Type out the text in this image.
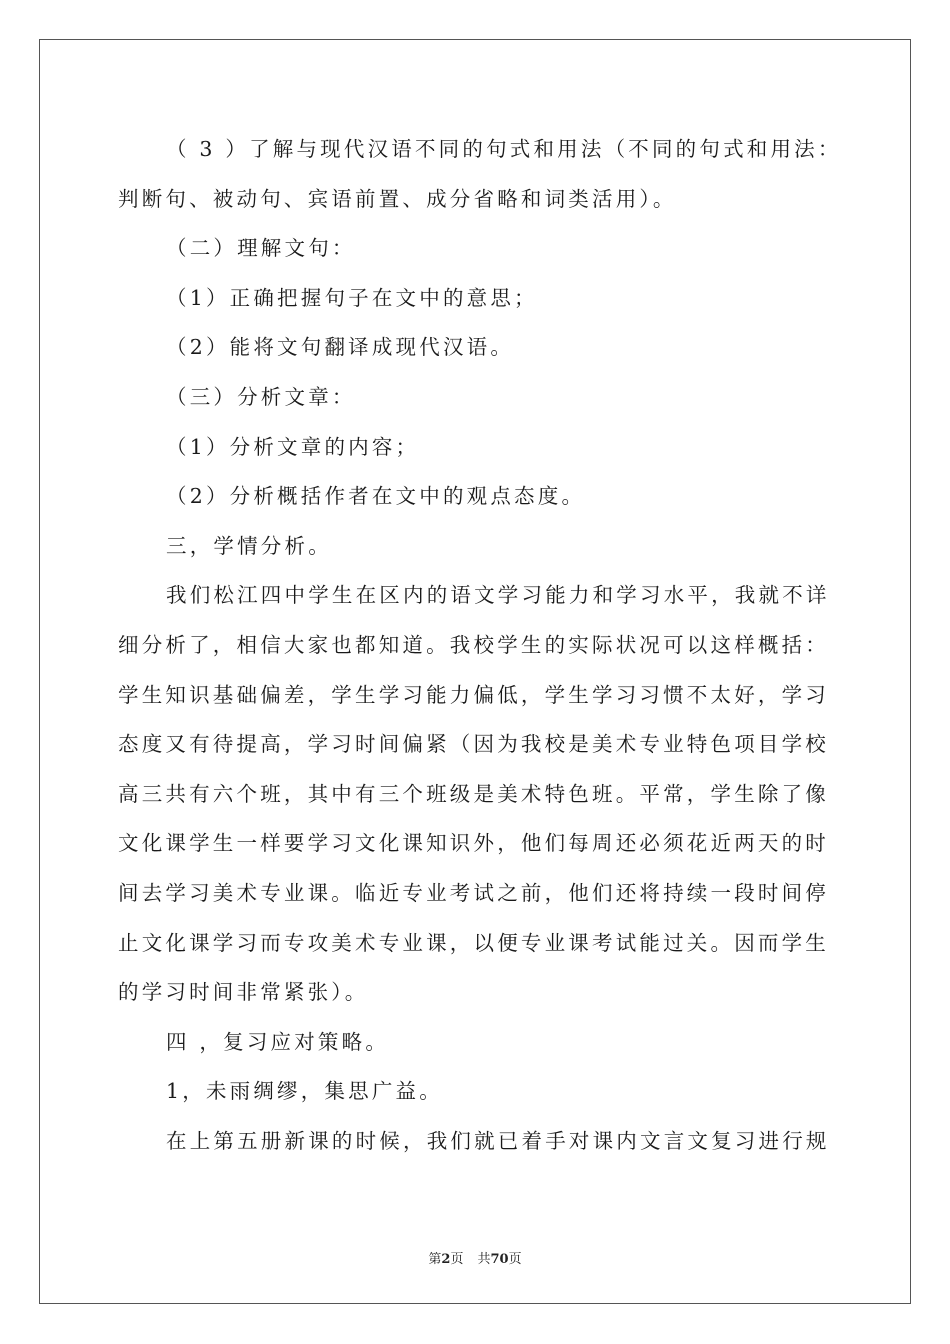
（ 3 ）了解与现代汉语不同的句式和用法（不同的句式和用法：

判断句、被动句、宾语前置、成分省略和词类活用）。

（二）理解文句：

（1）正确把握句子在文中的意思；

（2）能将文句翻译成现代汉语。

（三）分析文章：

（1）分析文章的内容；

（2）分析概括作者在文中的观点态度。

三，学情分析。

我们松江四中学生在区内的语文学习能力和学习水平，我就不详

细分析了，相信大家也都知道。我校学生的实际状况可以这样概括：

学生知识基础偏差，学生学习能力偏低，学生学习习惯不太好，学习

态度又有待提高，学习时间偏紧（因为我校是美术专业特色项目学校

高三共有六个班，其中有三个班级是美术特色班。平常，学生除了像

文化课学生一样要学习文化课知识外，他们每周还必须花近两天的时

间去学习美术专业课。临近专业考试之前，他们还将持续一段时间停

止文化课学习而专攻美术专业课，以便专业课考试能过关。因而学生

的学习时间非常紧张）。

四 ，复习应对策略。

1，未雨绸缪，集思广益。

在上第五册新课的时候，我们就已着手对课内文言文复习进行规

第2页 共70页
